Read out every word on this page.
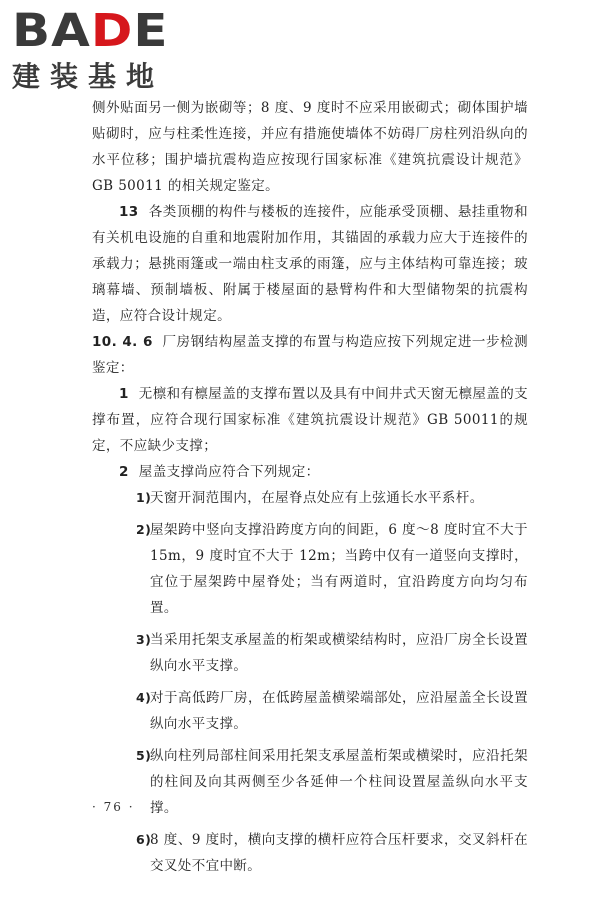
BADE
建装基地

侧外贴面另一侧为嵌砌等；8 度、9 度时不应采用嵌砌式；砌体围护墙贴砌时，应与柱柔性连接，并应有措施使墙体不妨碍厂房柱列沿纵向的水平位移；围护墙抗震构造应按现行国家标准《建筑抗震设计规范》GB 50011 的相关规定鉴定。

13 各类顶棚的构件与楼板的连接件，应能承受顶棚、悬挂重物和有关机电设施的自重和地震附加作用，其锚固的承载力应大于连接件的承载力；悬挑雨篷或一端由柱支承的雨篷，应与主体结构可靠连接；玻璃幕墙、预制墙板、附属于楼屋面的悬臂构件和大型储物架的抗震构造，应符合设计规定。

10. 4. 6 厂房钢结构屋盖支撑的布置与构造应按下列规定进一步检测鉴定：

1 无檩和有檩屋盖的支撑布置以及具有中间井式天窗无檩屋盖的支撑布置，应符合现行国家标准《建筑抗震设计规范》GB 50011的规定，不应缺少支撑；

2 屋盖支撑尚应符合下列规定：

1)
天窗开洞范围内，在屋脊点处应有上弦通长水平系杆。
2)
屋架跨中竖向支撑沿跨度方向的间距，6 度～8 度时宜不大于 15m，9 度时宜不大于 12m；当跨中仅有一道竖向支撑时，宜位于屋架跨中屋脊处；当有两道时，宜沿跨度方向均匀布置。
3)
当采用托架支承屋盖的桁架或横梁结构时，应沿厂房全长设置纵向水平支撑。
4)
对于高低跨厂房，在低跨屋盖横梁端部处，应沿屋盖全长设置纵向水平支撑。
5)
纵向柱列局部柱间采用托架支承屋盖桁架或横梁时，应沿托架的柱间及向其两侧至少各延伸一个柱间设置屋盖纵向水平支撑。
6)
8 度、9 度时，横向支撑的横杆应符合压杆要求，交叉斜杆在交叉处不宜中断。
· 76 ·
